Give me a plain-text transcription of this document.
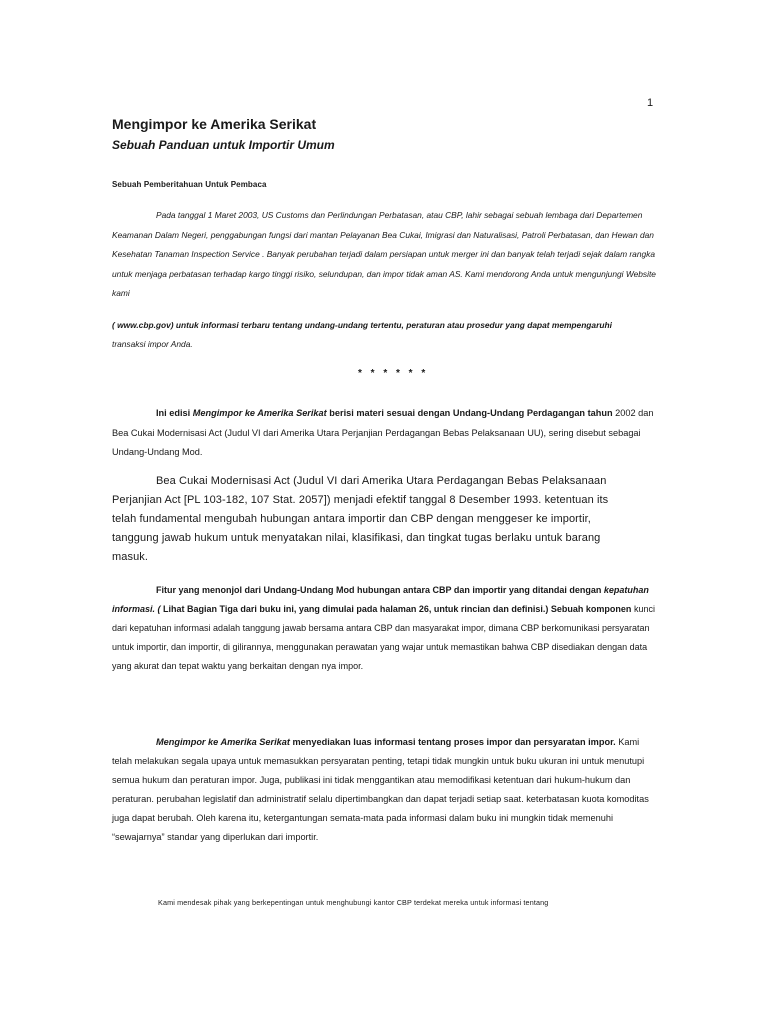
1
Mengimpor ke Amerika Serikat
Sebuah Panduan untuk Importir Umum
Sebuah Pemberitahuan Untuk Pembaca

Pada tanggal 1 Maret 2003, US Customs dan Perlindungan Perbatasan, atau CBP, lahir sebagai sebuah lembaga dari Departemen Keamanan Dalam Negeri, penggabungan fungsi dari mantan Pelayanan Bea Cukai, Imigrasi dan Naturalisasi, Patroli Perbatasan, dan Hewan dan Kesehatan Tanaman Inspection Service . Banyak perubahan terjadi dalam persiapan untuk merger ini dan banyak telah terjadi sejak dalam rangka untuk menjaga perbatasan terhadap kargo tinggi risiko, selundupan, dan impor tidak aman AS. Kami mendorong Anda untuk mengunjungi Website kami

( www.cbp.gov) untuk informasi terbaru tentang undang-undang tertentu, peraturan atau prosedur yang dapat mempengaruhi
transaksi impor Anda.

* * * * * *

Ini edisi Mengimpor ke Amerika Serikat berisi materi sesuai dengan Undang-Undang Perdagangan tahun 2002 dan Bea Cukai Modernisasi Act (Judul VI dari Amerika Utara Perjanjian Perdagangan Bebas Pelaksanaan UU), sering disebut sebagai Undang-Undang Mod.

Bea Cukai Modernisasi Act (Judul VI dari Amerika Utara Perdagangan Bebas Pelaksanaan Perjanjian Act [PL 103-182, 107 Stat. 2057]) menjadi efektif tanggal 8 Desember 1993. ketentuan its telah fundamental mengubah hubungan antara importir dan CBP dengan menggeser ke importir, tanggung jawab hukum untuk menyatakan nilai, klasifikasi, dan tingkat tugas berlaku untuk barang masuk.

Fitur yang menonjol dari Undang-Undang Mod hubungan antara CBP dan importir yang ditandai dengan kepatuhan informasi. ( Lihat Bagian Tiga dari buku ini, yang dimulai pada halaman 26, untuk rincian dan definisi.) Sebuah komponen kunci dari kepatuhan informasi adalah tanggung jawab bersama antara CBP dan masyarakat impor, dimana CBP berkomunikasi persyaratan untuk importir, dan importir, di gilirannya, menggunakan perawatan yang wajar untuk memastikan bahwa CBP disediakan dengan data yang akurat dan tepat waktu yang berkaitan dengan nya impor.

Mengimpor ke Amerika Serikat menyediakan luas informasi tentang proses impor dan persyaratan impor. Kami telah melakukan segala upaya untuk memasukkan persyaratan penting, tetapi tidak mungkin untuk buku ukuran ini untuk menutupi semua hukum dan peraturan impor. Juga, publikasi ini tidak menggantikan atau memodifikasi ketentuan dari hukum-hukum dan peraturan. perubahan legislatif dan administratif selalu dipertimbangkan dan dapat terjadi setiap saat. keterbatasan kuota komoditas juga dapat berubah. Oleh karena itu, ketergantungan semata-mata pada informasi dalam buku ini mungkin tidak memenuhi “sewajarnya” standar yang diperlukan dari importir.

Kami mendesak pihak yang berkepentingan untuk menghubungi kantor CBP terdekat mereka untuk informasi tentang
